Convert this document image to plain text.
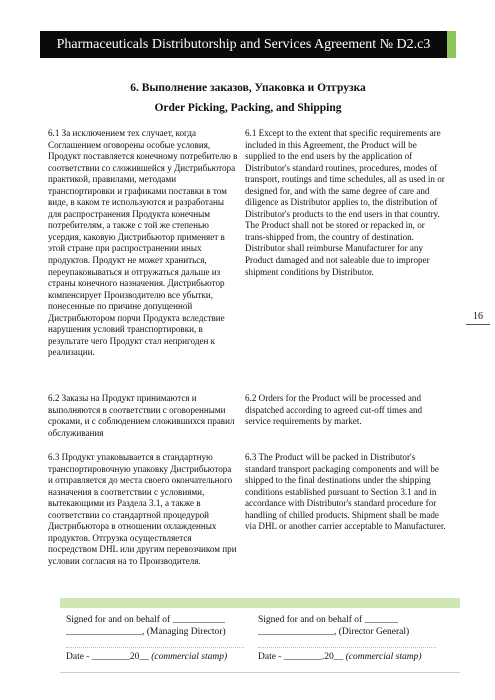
Pharmaceuticals Distributorship and Services Agreement № D2.c3
6. Выполнение заказов, Упаковка и Отгрузка
Order Picking, Packing, and Shipping
6.1 За исключением тех случает, когда Соглашением оговорены особые условия, Продукт поставляется конечному потребителю в соответствии со сложившейся у Дистрибьютора практикой, правилами, методами транспортировки и графиками поставки в том виде, в каком те используются и разработаны для распространения Продукта конечным потребителям, а также с той же степенью усердия, каковую Дистрибьютор применяет в этой стране при распространении иных продуктов. Продукт не может храниться, переупаковываться и отгружаться дальше из страны конечного назначения. Дистрибьютор компенсирует Производителю все убытки, понесенные по причине допущенной Дистрибьютором порчи Продукта вследствие нарушения условий транспортировки, в результате чего Продукт стал непригоден к реализации.
6.1 Except to the extent that specific requirements are included in this Agreement, the Product will be supplied to the end users by the application of Distributor's standard routines, procedures, modes of transport, routings and time schedules, all as used in or designed for, and with the same degree of care and diligence as Distributor applies to, the distribution of Distributor's products to the end users in that country. The Product shall not be stored or repacked in, or trans-shipped from, the country of destination. Distributor shall reimburse Manufacturer for any Product damaged and not saleable due to improper shipment conditions by Distributor.
6.2 Заказы на Продукт принимаются и выполняются в соответствии с оговоренными сроками, и с соблюдением сложившихся правил обслуживания
6.2 Orders for the Product will be processed and dispatched according to agreed cut-off times and service requirements by market.
6.3 Продукт упаковывается в стандартную транспортировочную упаковку Дистрибьютора и отправляется до места своего окончательного назначения в соответствии с условиями, вытекающими из Раздела 3.1, а также в соответствии со стандартной процедурой Дистрибьютора в отношении охлажденных продуктов. Отгрузка осуществляется посредством DHL или другим перевозчиком при условии согласия на то Производителя.
6.3 The Product will be packed in Distributor's standard transport packaging components and will be shipped to the final destinations under the shipping conditions established pursuant to Section 3.1 and in accordance with Distributor's standard procedure for handling of chilled products. Shipment shall be made via DHL or another carrier acceptable to Manufacturer.
16
Signed for and on behalf of ___________
________________, (Managing Director)
Signed for and on behalf of _______
________________, (Director General)
Date - ________20__ (commercial stamp)	Date - ________.20__ (commercial stamp)
